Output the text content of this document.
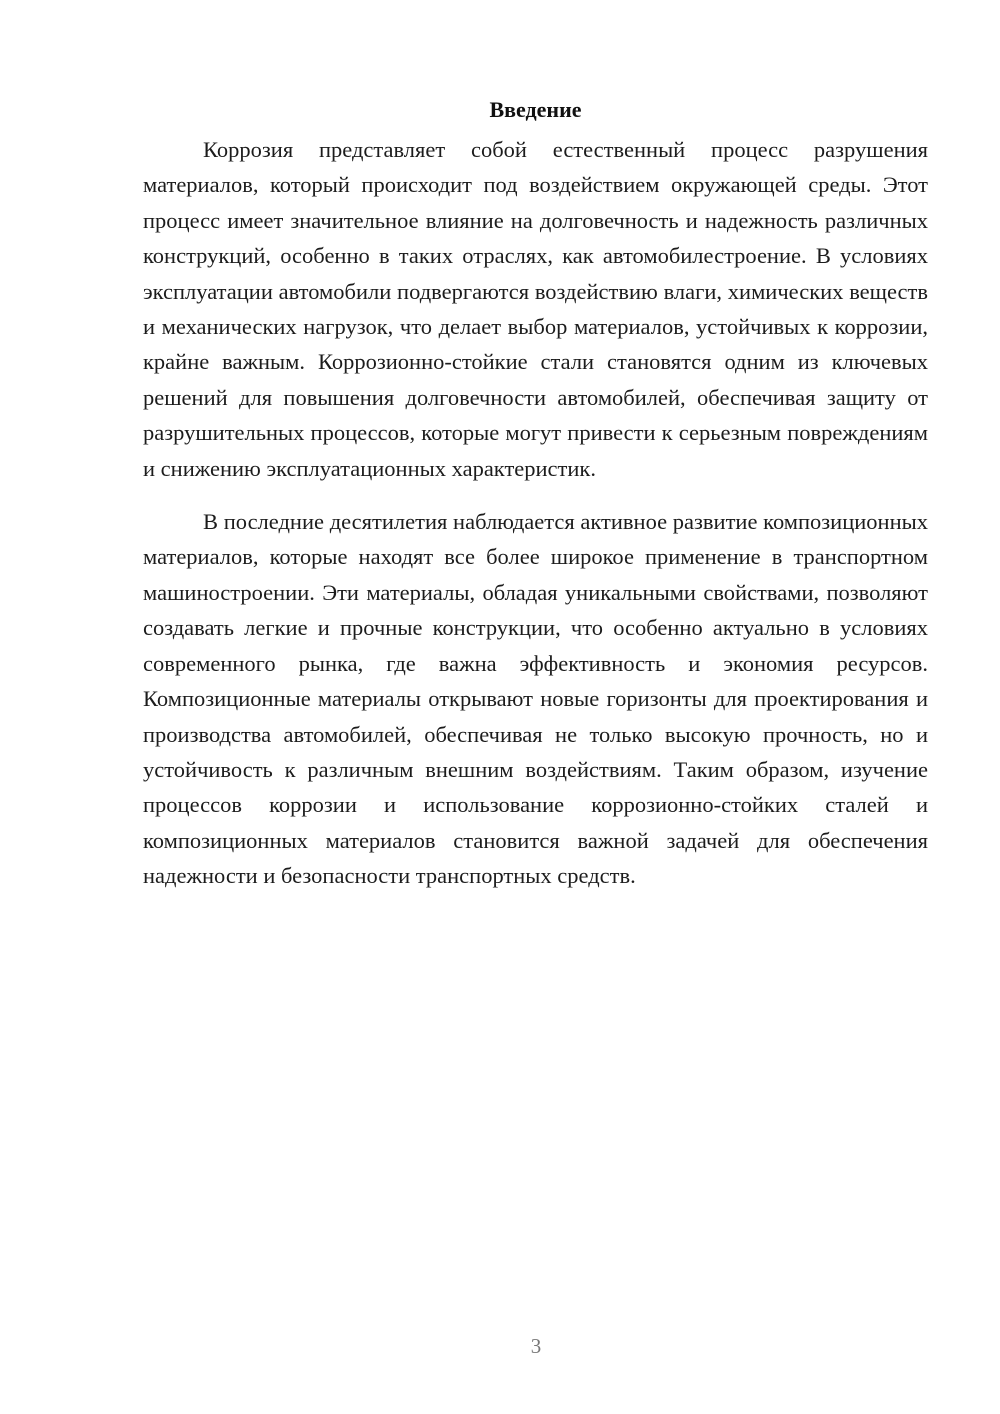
Введение

Коррозия представляет собой естественный процесс разрушения материалов, который происходит под воздействием окружающей среды. Этот процесс имеет значительное влияние на долговечность и надежность различных конструкций, особенно в таких отраслях, как автомобилестроение. В условиях эксплуатации автомобили подвергаются воздействию влаги, химических веществ и механических нагрузок, что делает выбор материалов, устойчивых к коррозии, крайне важным. Коррозионно-стойкие стали становятся одним из ключевых решений для повышения долговечности автомобилей, обеспечивая защиту от разрушительных процессов, которые могут привести к серьезным повреждениям и снижению эксплуатационных характеристик.

В последние десятилетия наблюдается активное развитие композиционных материалов, которые находят все более широкое применение в транспортном машиностроении. Эти материалы, обладая уникальными свойствами, позволяют создавать легкие и прочные конструкции, что особенно актуально в условиях современного рынка, где важна эффективность и экономия ресурсов. Композиционные материалы открывают новые горизонты для проектирования и производства автомобилей, обеспечивая не только высокую прочность, но и устойчивость к различным внешним воздействиям. Таким образом, изучение процессов коррозии и использование коррозионно-стойких сталей и композиционных материалов становится важной задачей для обеспечения надежности и безопасности транспортных средств.

3
